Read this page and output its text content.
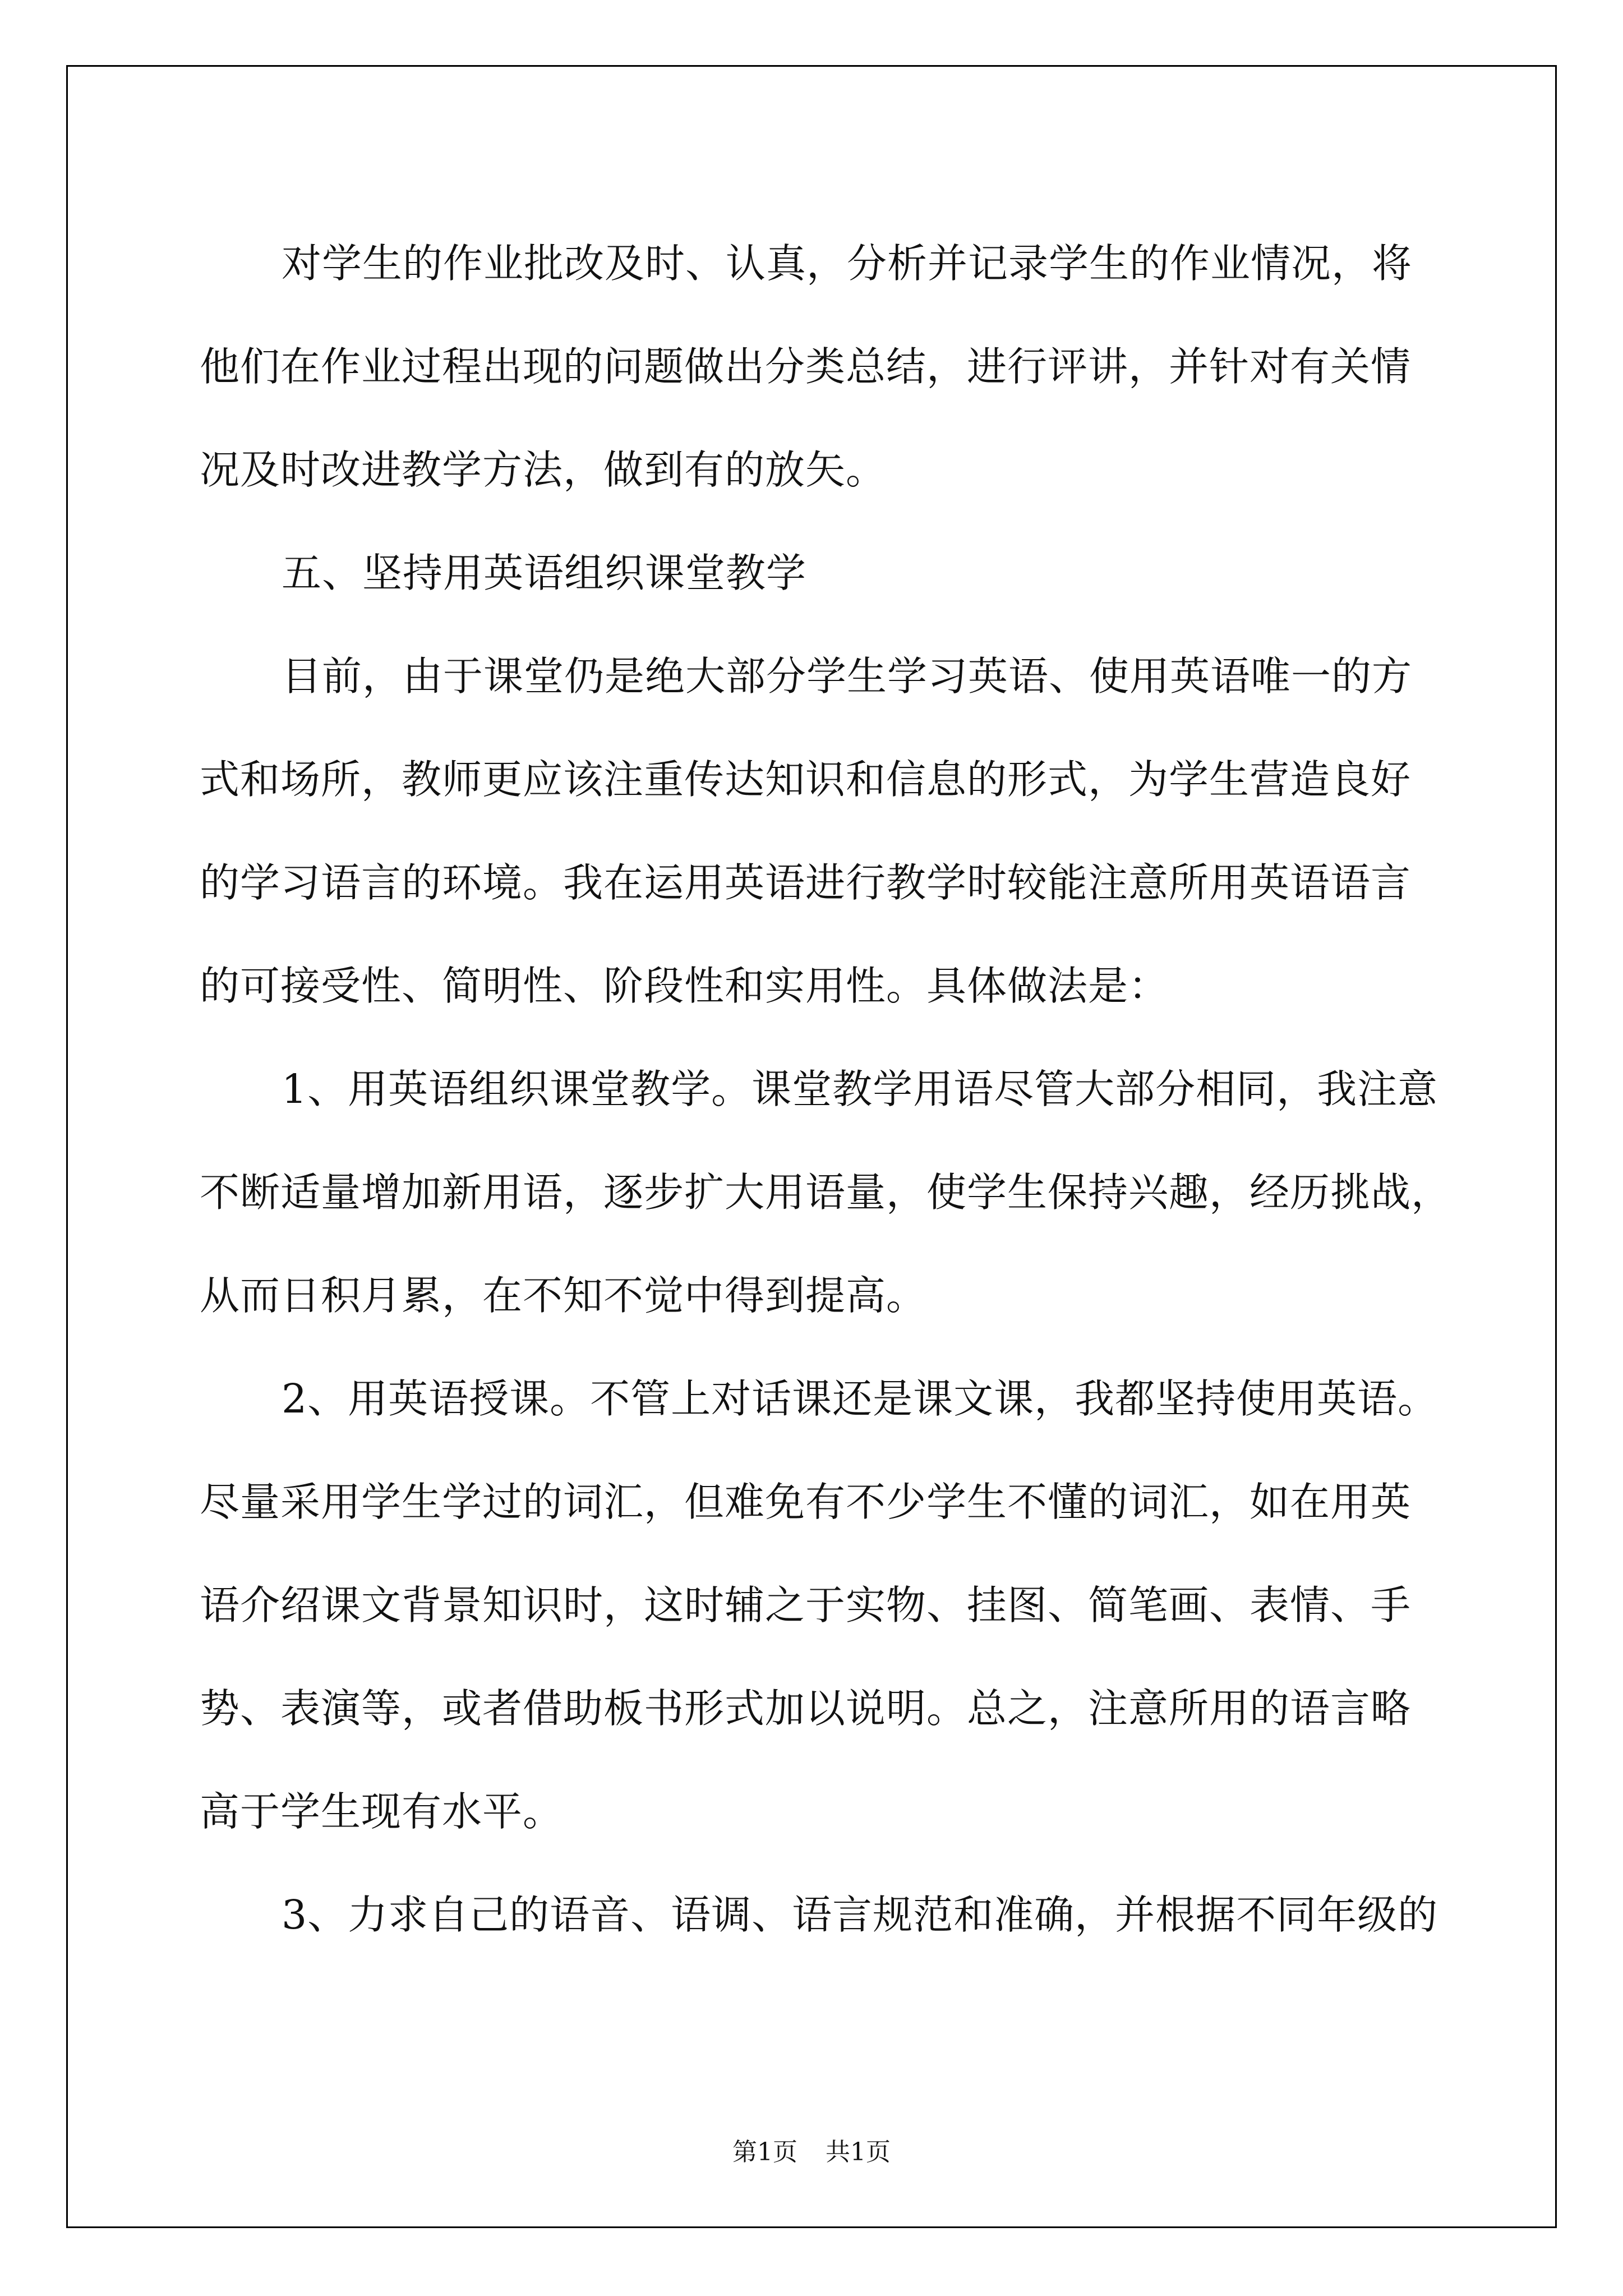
对学生的作业批改及时、认真，分析并记录学生的作业情况，将
他们在作业过程出现的问题做出分类总结，进行评讲，并针对有关情
况及时改进教学方法，做到有的放矢。
五、坚持用英语组织课堂教学
目前，由于课堂仍是绝大部分学生学习英语、使用英语唯一的方
式和场所，教师更应该注重传达知识和信息的形式，为学生营造良好
的学习语言的环境。我在运用英语进行教学时较能注意所用英语语言
的可接受性、简明性、阶段性和实用性。具体做法是：
1、用英语组织课堂教学。课堂教学用语尽管大部分相同，我注意
不断适量增加新用语，逐步扩大用语量，使学生保持兴趣，经历挑战，
从而日积月累，在不知不觉中得到提高。
2、用英语授课。不管上对话课还是课文课，我都坚持使用英语。
尽量采用学生学过的词汇，但难免有不少学生不懂的词汇，如在用英
语介绍课文背景知识时，这时辅之于实物、挂图、简笔画、表情、手
势、表演等，或者借助板书形式加以说明。总之，注意所用的语言略
高于学生现有水平。
3、力求自己的语音、语调、语言规范和准确，并根据不同年级的
第1页 共1页
